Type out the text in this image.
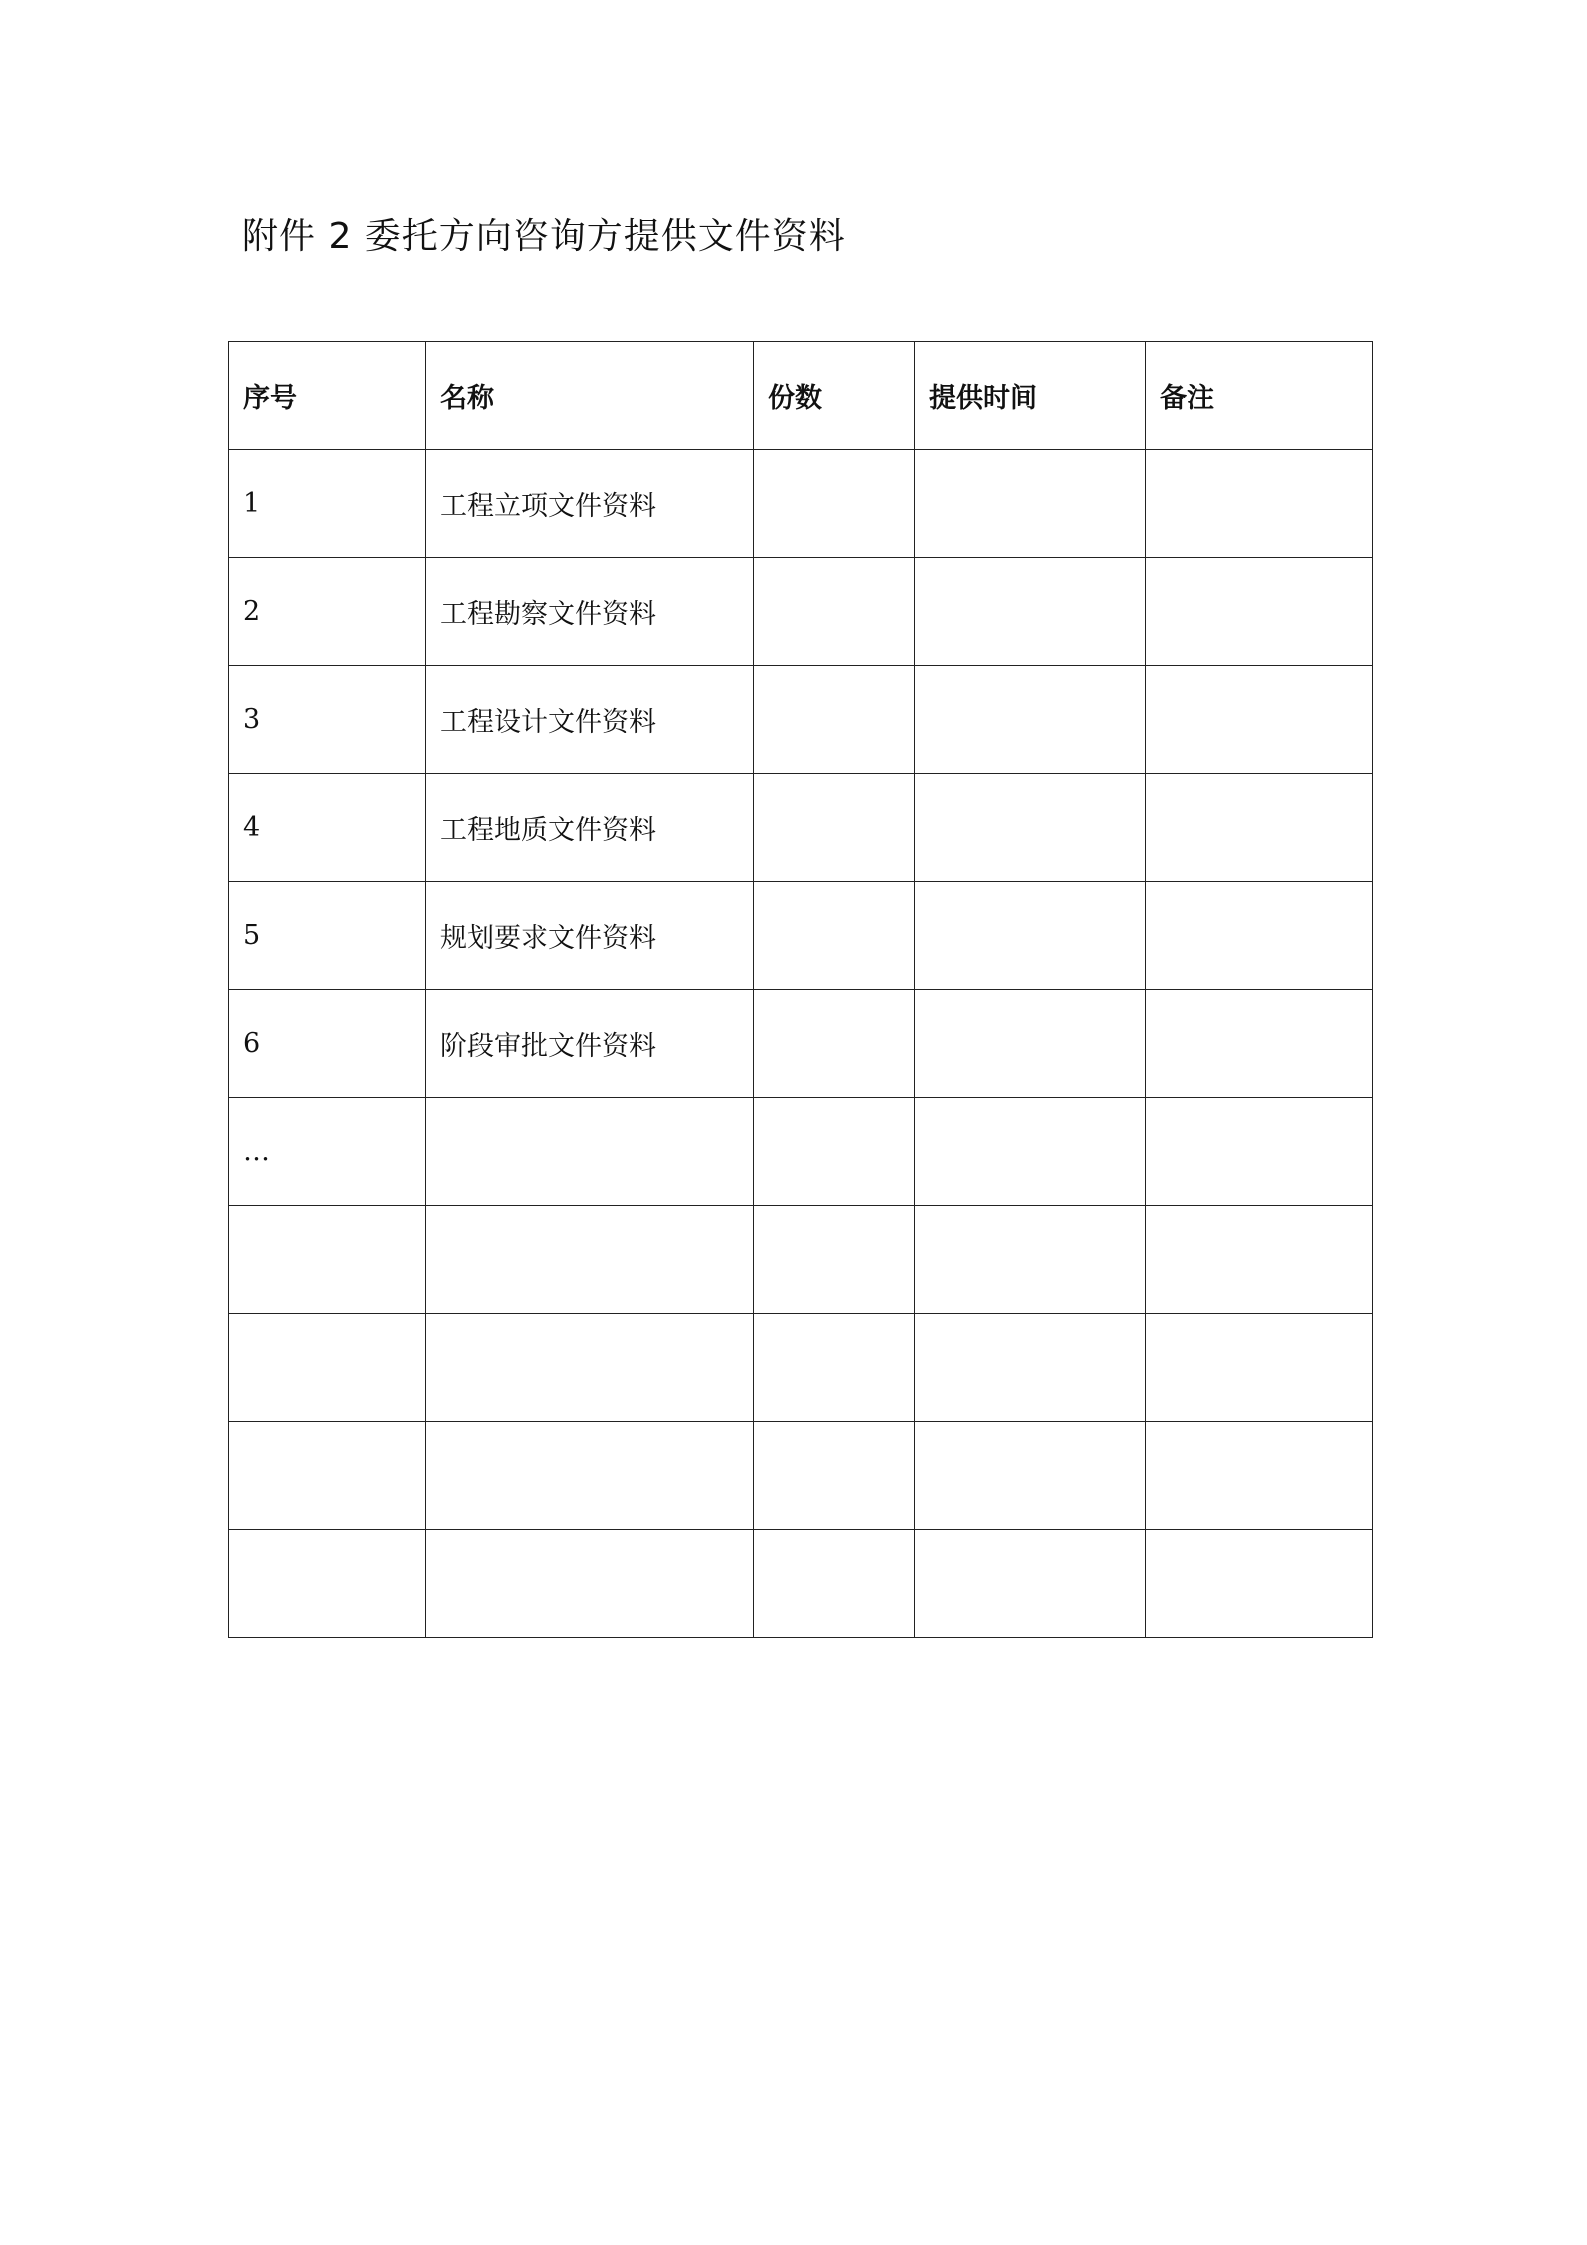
附件 2 委托方向咨询方提供文件资料
序号	名称	份数	提供时间	备注
1	工程立项文件资料			
2	工程勘察文件资料			
3	工程设计文件资料			
4	工程地质文件资料			
5	规划要求文件资料			
6	阶段审批文件资料			
…				
